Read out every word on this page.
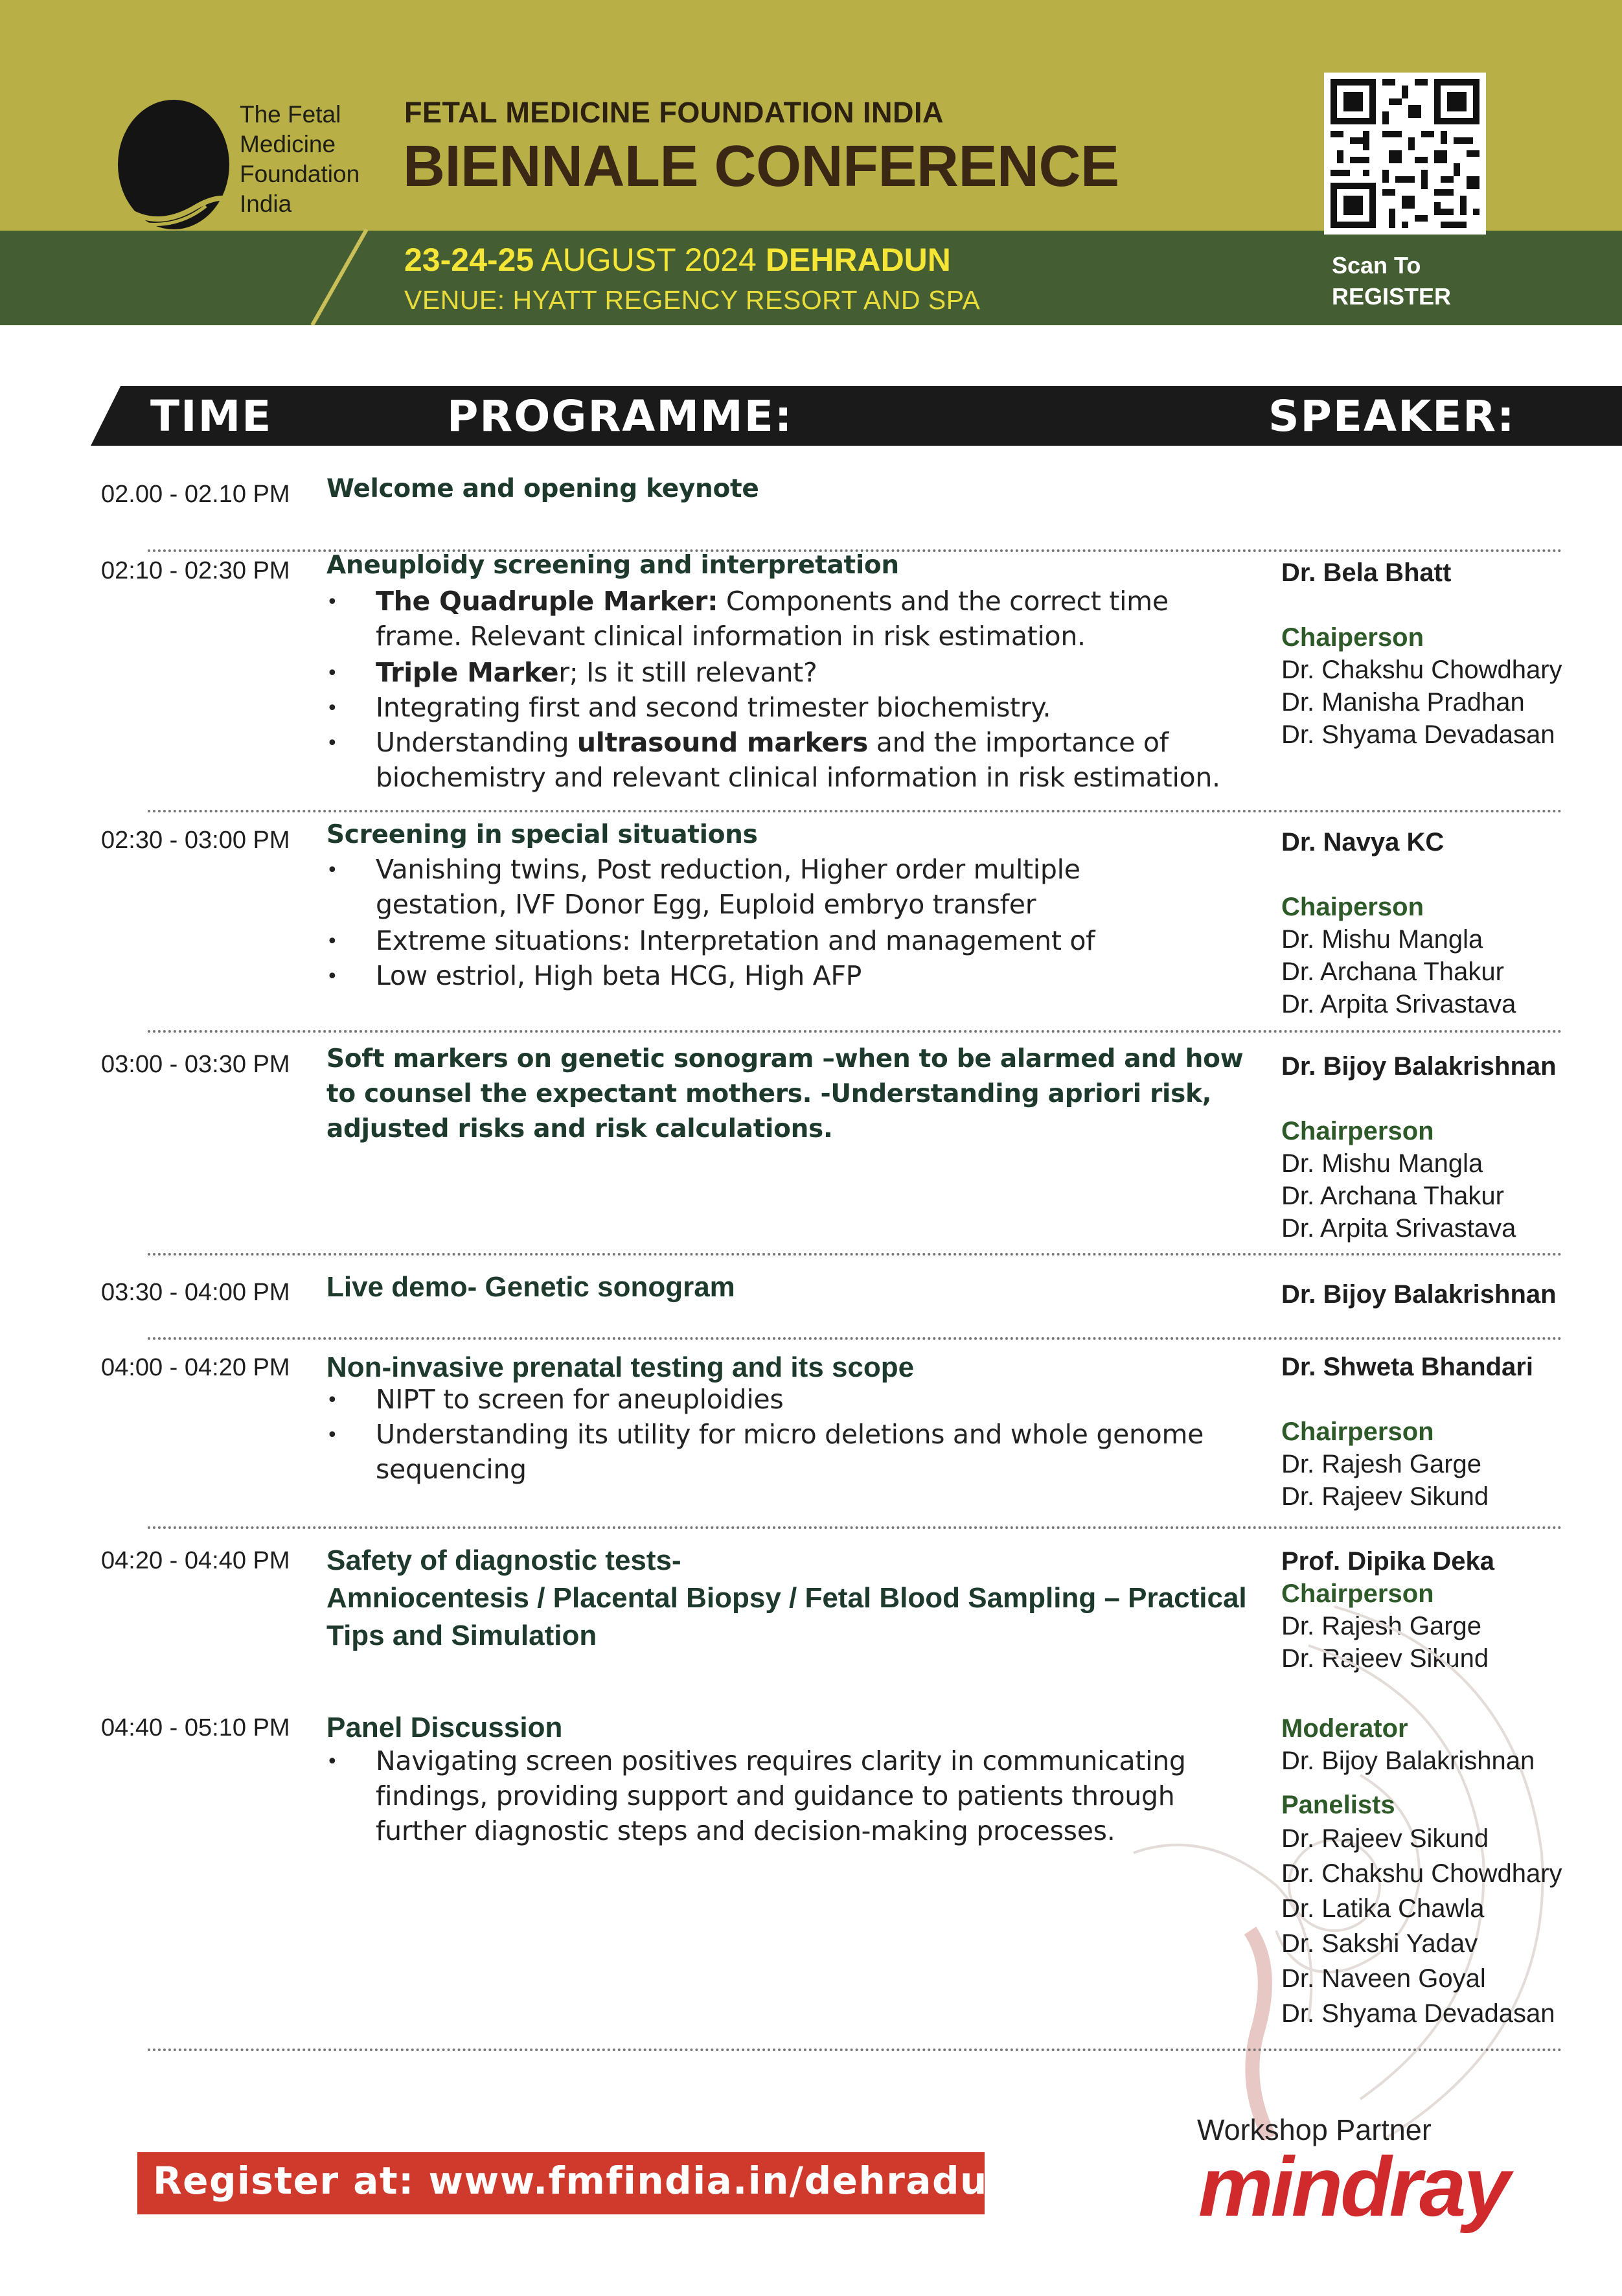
The Fetal
Medicine
Foundation
India
FETAL MEDICINE FOUNDATION INDIA
BIENNALE CONFERENCE
23-24-25 AUGUST 2024 DEHRADUN
VENUE: HYATT REGENCY RESORT AND SPA
Scan To
REGISTER
TIME	PROGRAMME:	SPEAKER:
02.00 - 02.10 PM Welcome and opening keynote
02:10 - 02:30 PM Aneuploidy screening and interpretation
• The Quadruple Marker: Components and the correct time
frame. Relevant clinical information in risk estimation.
• Triple Marker; Is it still relevant?
• Integrating first and second trimester biochemistry.
• Understanding ultrasound markers and the importance of
biochemistry and relevant clinical information in risk estimation.
Dr. Bela Bhatt
Chaiperson
Dr. Chakshu Chowdhary
Dr. Manisha Pradhan
Dr. Shyama Devadasan
02:30 - 03:00 PM Screening in special situations
• Vanishing twins, Post reduction, Higher order multiple
gestation, IVF Donor Egg, Euploid embryo transfer
• Extreme situations: Interpretation and management of
• Low estriol, High beta HCG, High AFP
Dr. Navya KC
Chaiperson
Dr. Mishu Mangla
Dr. Archana Thakur
Dr. Arpita Srivastava
03:00 - 03:30 PM Soft markers on genetic sonogram –when to be alarmed and how
to counsel the expectant mothers. -Understanding apriori risk,
adjusted risks and risk calculations.
Dr. Bijoy Balakrishnan
Chairperson
Dr. Mishu Mangla
Dr. Archana Thakur
Dr. Arpita Srivastava
03:30 - 04:00 PM Live demo- Genetic sonogram	Dr. Bijoy Balakrishnan
04:00 - 04:20 PM Non-invasive prenatal testing and its scope
• NIPT to screen for aneuploidies
• Understanding its utility for micro deletions and whole genome
sequencing
Dr. Shweta Bhandari
Chairperson
Dr. Rajesh Garge
Dr. Rajeev Sikund
04:20 - 04:40 PM Safety of diagnostic tests-
Amniocentesis / Placental Biopsy / Fetal Blood Sampling – Practical
Tips and Simulation
Prof. Dipika Deka
Chairperson
Dr. Rajesh Garge
Dr. Rajeev Sikund
04:40 - 05:10 PM Panel Discussion
• Navigating screen positives requires clarity in communicating
findings, providing support and guidance to patients through
further diagnostic steps and decision-making processes.
Moderator
Dr. Bijoy Balakrishnan
Panelists
Dr. Rajeev Sikund
Dr. Chakshu Chowdhary
Dr. Latika Chawla
Dr. Sakshi Yadav
Dr. Naveen Goyal
Dr. Shyama Devadasan
Register at: www.fmfindia.in/dehradun
Workshop Partner
mindray
